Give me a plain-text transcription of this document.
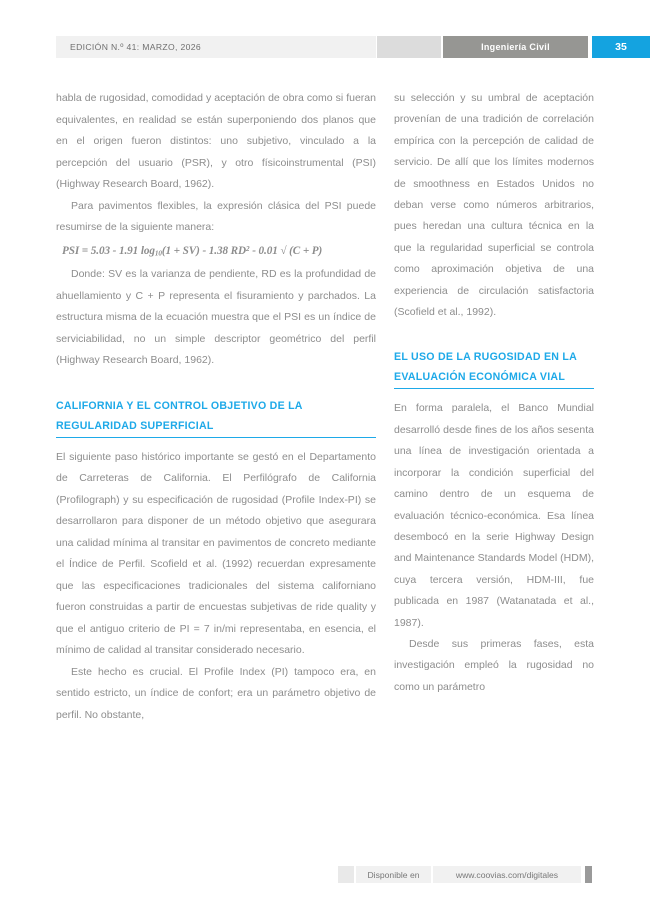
EDICIÓN N.º 41: MARZO, 2026	Ingeniería Civil	35

habla de rugosidad, comodidad y aceptación de obra como si fueran equivalentes, en realidad se están superponiendo dos planos que en el origen fueron distintos: uno subjetivo, vinculado a la percepción del usuario (PSR), y otro físicoinstrumental (PSI) (Highway Research Board, 1962).

Para pavimentos flexibles, la expresión clásica del PSI puede resumirse de la siguiente manera:

PSI = 5.03 - 1.91 $\log_{10}(1 + SV) - 1.38$ $RD^2 - 0.01$ √ (C + P)

Donde: SV es la varianza de pendiente, RD es la profundidad de ahuellamiento y C + P representa el fisuramiento y parchados. La estructura misma de la ecuación muestra que el PSI es un índice de serviciabilidad, no un simple descriptor geométrico del perfil (Highway Research Board, 1962).

CALIFORNIA Y EL CONTROL OBJETIVO DE LA REGULARIDAD SUPERFICIAL

El siguiente paso histórico importante se gestó en el Departamento de Carreteras de California. El Perfilógrafo de California (Profilograph) y su especificación de rugosidad (Profile Index-PI) se desarrollaron para disponer de un método objetivo que asegurara una calidad mínima al transitar en pavimentos de concreto mediante el Índice de Perfil. Scofield et al. (1992) recuerdan expresamente que las especificaciones tradicionales del sistema californiano fueron construidas a partir de encuestas subjetivas de ride quality y que el antiguo criterio de PI = 7 in/mi representaba, en esencia, el mínimo de calidad al transitar considerado necesario.

Este hecho es crucial. El Profile Index (PI) tampoco era, en sentido estricto, un índice de confort; era un parámetro objetivo de perfil. No obstante,

su selección y su umbral de aceptación provenían de una tradición de correlación empírica con la percepción de calidad de servicio. De allí que los límites modernos de smoothness en Estados Unidos no deban verse como números arbitrarios, pues heredan una cultura técnica en la que la regularidad superficial se controla como aproximación objetiva de una experiencia de circulación satisfactoria (Scofield et al., 1992).

EL USO DE LA RUGOSIDAD EN LA EVALUACIÓN ECONÓMICA VIAL

En forma paralela, el Banco Mundial desarrolló desde fines de los años sesenta una línea de investigación orientada a incorporar la condición superficial del camino dentro de un esquema de evaluación técnico-económica. Esa línea desembocó en la serie Highway Design and Maintenance Standards Model (HDM), cuya tercera versión, HDM-III, fue publicada en 1987 (Watanatada et al., 1987).

Desde sus primeras fases, esta investigación empleó la rugosidad no como un parámetro

Disponible en	www.coovias.com/digitales
